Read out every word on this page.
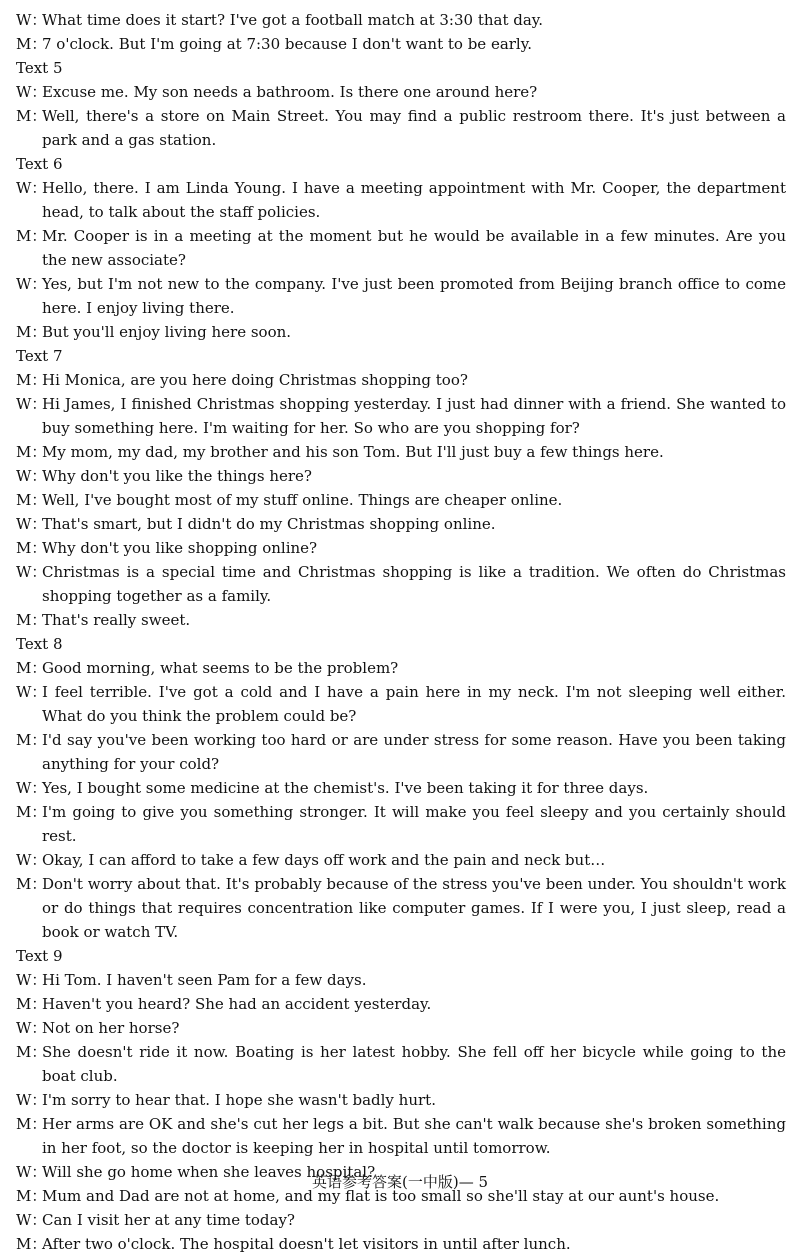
W：
What time does it start? I've got a football match at 3:30 that day.
M：
7 o'clock. But I'm going at 7:30 because I don't want to be early.
Text 5
W：
Excuse me. My son needs a bathroom. Is there one around here?
M：
Well, there's a store on Main Street. You may find a public restroom there. It's just between a park and a gas station.
Text 6
W：
Hello, there. I am Linda Young. I have a meeting appointment with Mr. Cooper, the department head, to talk about the staff policies.
M：
Mr. Cooper is in a meeting at the moment but he would be available in a few minutes. Are you the new associate?
W：
Yes, but I'm not new to the company. I've just been promoted from Beijing branch office to come here. I enjoy living there.
M：
But you'll enjoy living here soon.
Text 7
M：
Hi Monica, are you here doing Christmas shopping too?
W：
Hi James, I finished Christmas shopping yesterday. I just had dinner with a friend. She wanted to buy something here. I'm waiting for her. So who are you shopping for?
M：
My mom, my dad, my brother and his son Tom. But I'll just buy a few things here.
W：
Why don't you like the things here?
M：
Well, I've bought most of my stuff online. Things are cheaper online.
W：
That's smart, but I didn't do my Christmas shopping online.
M：
Why don't you like shopping online?
W：
Christmas is a special time and Christmas shopping is like a tradition. We often do Christmas shopping together as a family.
M：
That's really sweet.
Text 8
M：
Good morning, what seems to be the problem?
W：
I feel terrible. I've got a cold and I have a pain here in my neck. I'm not sleeping well either. What do you think the problem could be?
M：
I'd say you've been working too hard or are under stress for some reason. Have you been taking anything for your cold?
W：
Yes, I bought some medicine at the chemist's. I've been taking it for three days.
M：
I'm going to give you something stronger. It will make you feel sleepy and you certainly should rest.
W：
Okay, I can afford to take a few days off work and the pain and neck but…
M：
Don't worry about that. It's probably because of the stress you've been under. You shouldn't work or do things that requires concentration like computer games. If I were you, I just sleep, read a book or watch TV.
Text 9
W：
Hi Tom. I haven't seen Pam for a few days.
M：
Haven't you heard? She had an accident yesterday.
W：
Not on her horse?
M：
She doesn't ride it now. Boating is her latest hobby. She fell off her bicycle while going to the boat club.
W：
I'm sorry to hear that. I hope she wasn't badly hurt.
M：
Her arms are OK and she's cut her legs a bit. But she can't walk because she's broken something in her foot, so the doctor is keeping her in hospital until tomorrow.
W：
Will she go home when she leaves hospital?
M：
Mum and Dad are not at home, and my flat is too small so she'll stay at our aunt's house.
W：
Can I visit her at any time today?
M：
After two o'clock. The hospital doesn't let visitors in until after lunch.
英语参考答案(一中版)— 5
